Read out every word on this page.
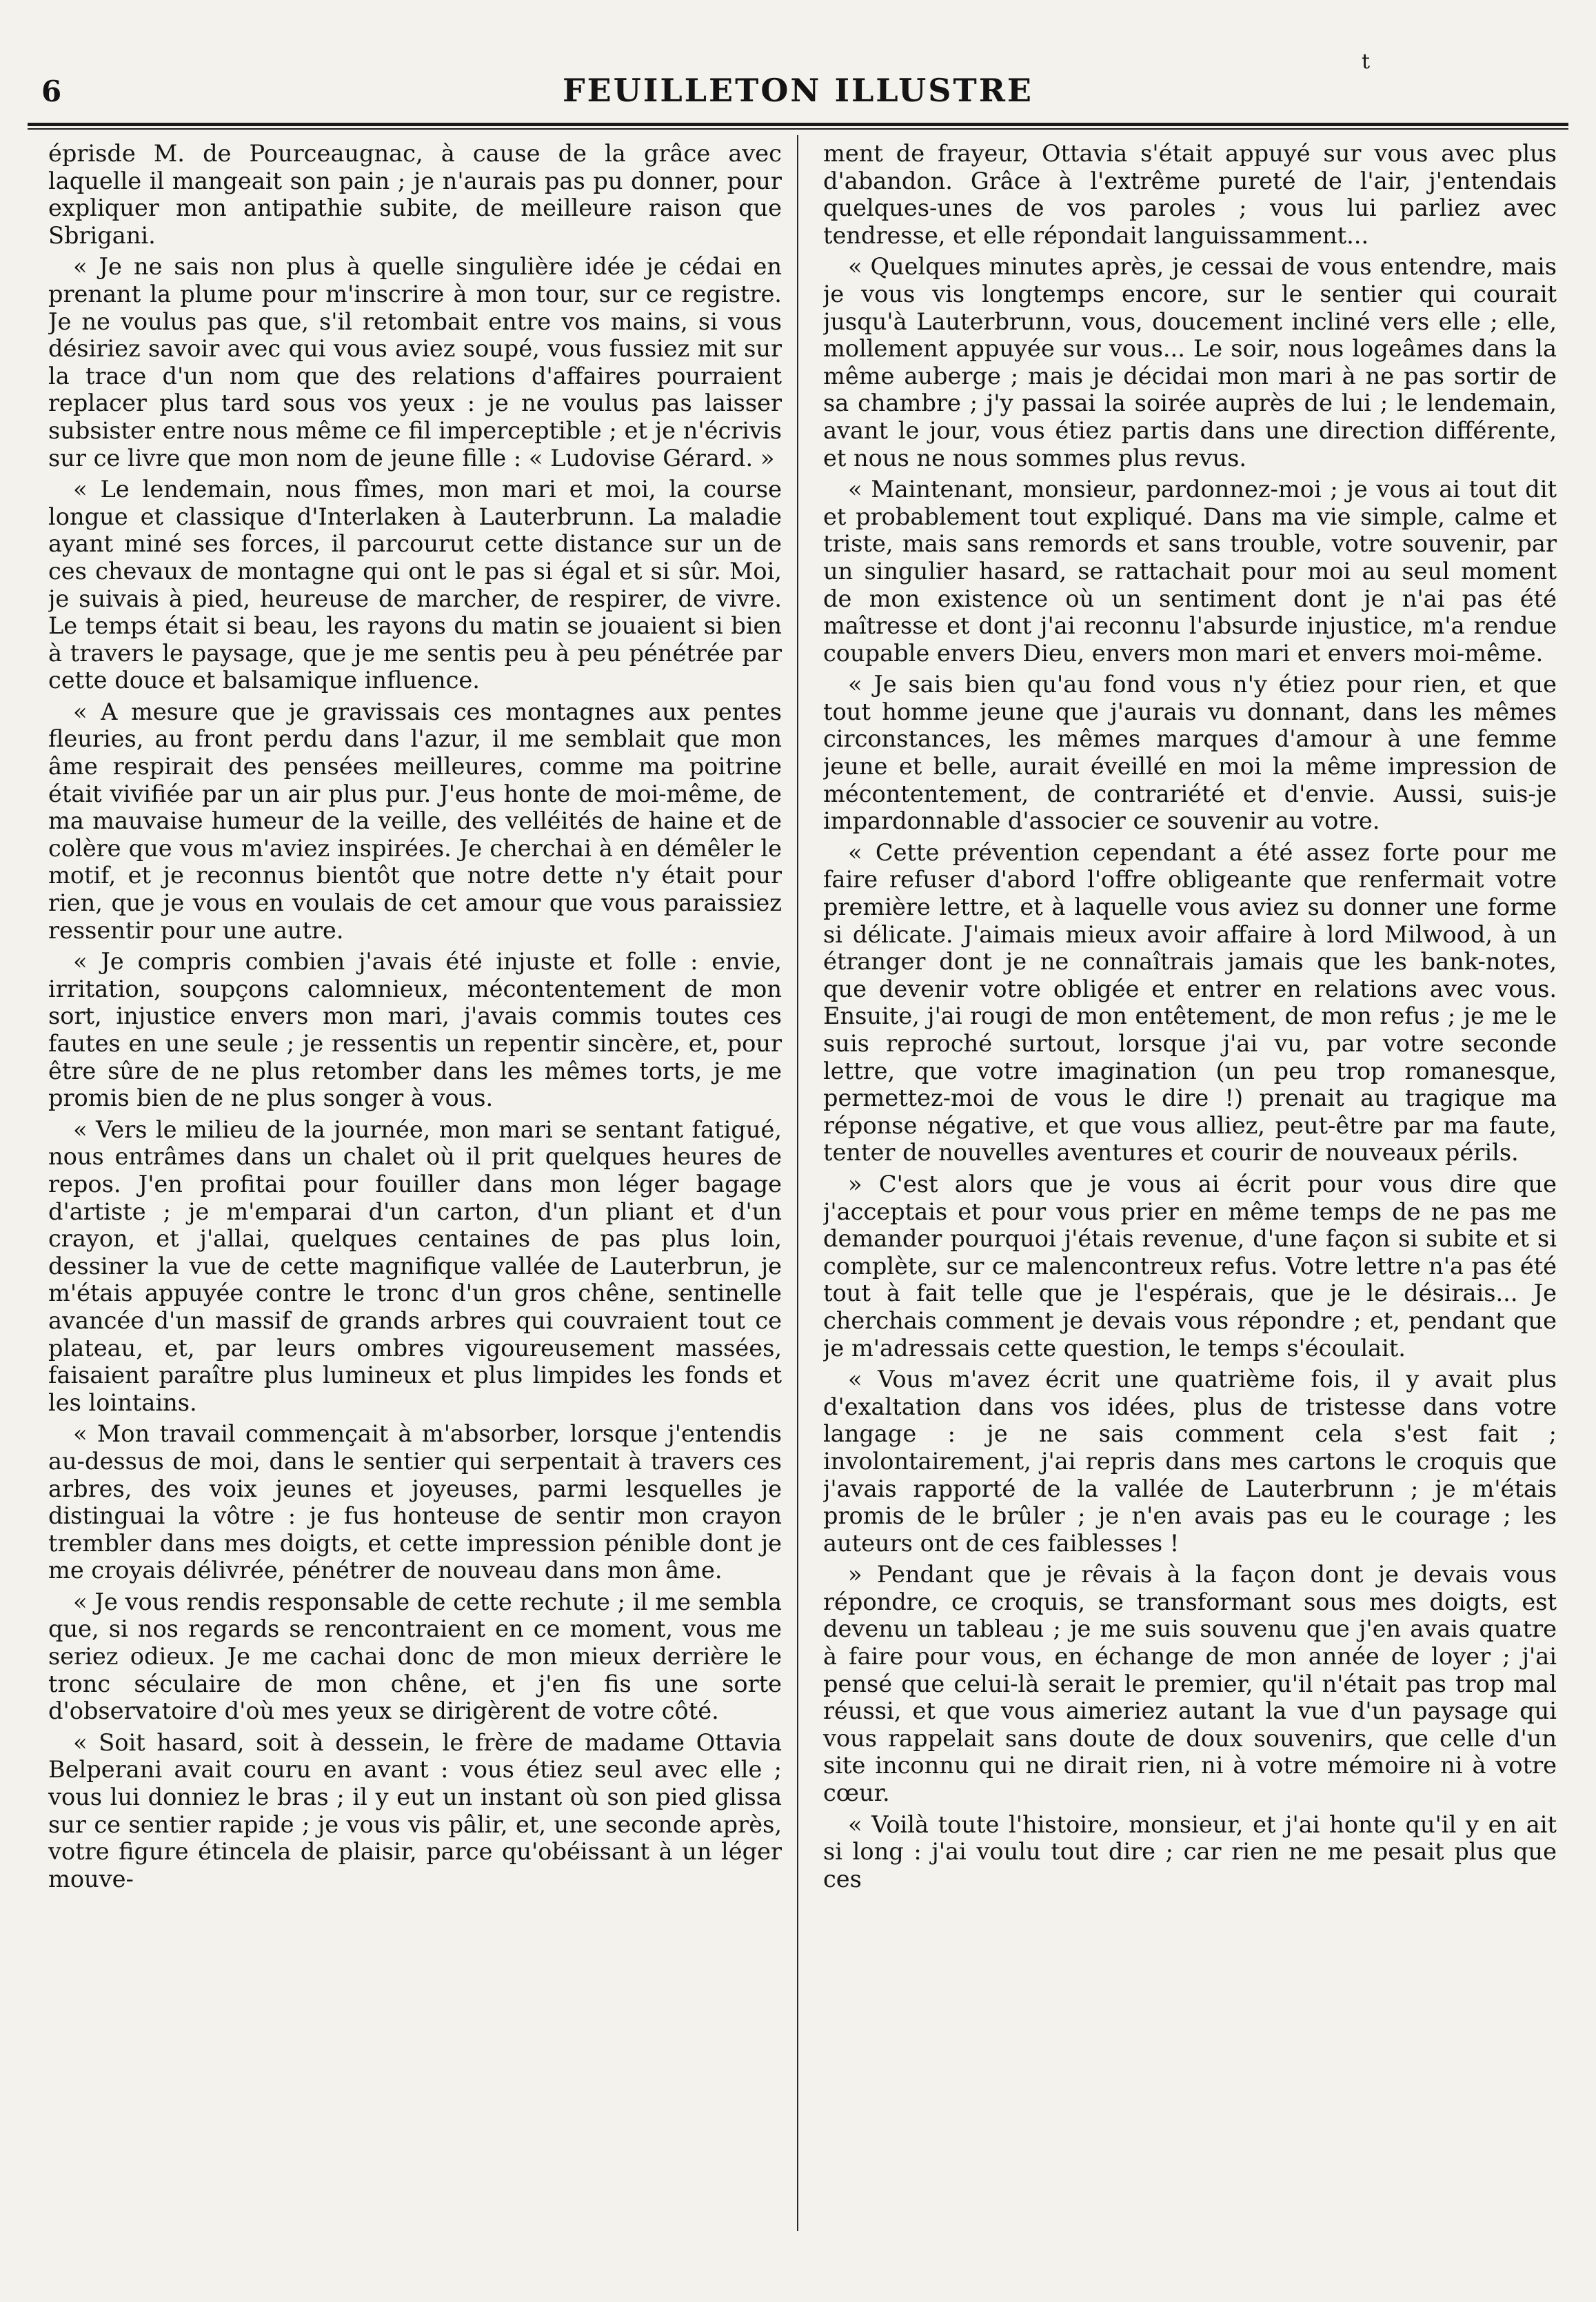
6	FEUILLETON ILLUSTRE
t

éprisde M. de Pourceaugnac, à cause de la grâce avec laquelle il mangeait son pain ; je n'aurais pas pu donner, pour expliquer mon antipathie subite, de meilleure raison que Sbrigani.

« Je ne sais non plus à quelle singulière idée je cédai en prenant la plume pour m'inscrire à mon tour, sur ce registre. Je ne voulus pas que, s'il retombait entre vos mains, si vous désiriez savoir avec qui vous aviez soupé, vous fussiez mit sur la trace d'un nom que des relations d'affaires pourraient replacer plus tard sous vos yeux : je ne voulus pas laisser subsister entre nous même ce fil imperceptible ; et je n'écrivis sur ce livre que mon nom de jeune fille : « Ludovise Gérard. »

« Le lendemain, nous fîmes, mon mari et moi, la course longue et classique d'Interlaken à Lauterbrunn. La maladie ayant miné ses forces, il parcourut cette distance sur un de ces chevaux de montagne qui ont le pas si égal et si sûr. Moi, je suivais à pied, heureuse de marcher, de respirer, de vivre. Le temps était si beau, les rayons du matin se jouaient si bien à travers le paysage, que je me sentis peu à peu pénétrée par cette douce et balsamique influence.

« A mesure que je gravissais ces montagnes aux pentes fleuries, au front perdu dans l'azur, il me semblait que mon âme respirait des pensées meilleures, comme ma poitrine était vivifiée par un air plus pur. J'eus honte de moi-même, de ma mauvaise humeur de la veille, des velléités de haine et de colère que vous m'aviez inspirées. Je cherchai à en démêler le motif, et je reconnus bientôt que notre dette n'y était pour rien, que je vous en voulais de cet amour que vous paraissiez ressentir pour une autre.

« Je compris combien j'avais été injuste et folle : envie, irritation, soupçons calomnieux, mécontentement de mon sort, injustice envers mon mari, j'avais commis toutes ces fautes en une seule ; je ressentis un repentir sincère, et, pour être sûre de ne plus retomber dans les mêmes torts, je me promis bien de ne plus songer à vous.

« Vers le milieu de la journée, mon mari se sentant fatigué, nous entrâmes dans un chalet où il prit quelques heures de repos. J'en profitai pour fouiller dans mon léger bagage d'artiste ; je m'emparai d'un carton, d'un pliant et d'un crayon, et j'allai, quelques centaines de pas plus loin, dessiner la vue de cette magnifique vallée de Lauterbrun, je m'étais appuyée contre le tronc d'un gros chêne, sentinelle avancée d'un massif de grands arbres qui couvraient tout ce plateau, et, par leurs ombres vigoureusement massées, faisaient paraître plus lumineux et plus limpides les fonds et les lointains.

« Mon travail commençait à m'absorber, lorsque j'entendis au-dessus de moi, dans le sentier qui serpentait à travers ces arbres, des voix jeunes et joyeuses, parmi lesquelles je distinguai la vôtre : je fus honteuse de sentir mon crayon trembler dans mes doigts, et cette impression pénible dont je me croyais délivrée, pénétrer de nouveau dans mon âme.

« Je vous rendis responsable de cette rechute ; il me sembla que, si nos regards se rencontraient en ce moment, vous me seriez odieux. Je me cachai donc de mon mieux derrière le tronc séculaire de mon chêne, et j'en fis une sorte d'observatoire d'où mes yeux se dirigèrent de votre côté.

« Soit hasard, soit à dessein, le frère de madame Ottavia Belperani avait couru en avant : vous étiez seul avec elle ; vous lui donniez le bras ; il y eut un instant où son pied glissa sur ce sentier rapide ; je vous vis pâlir, et, une seconde après, votre figure étincela de plaisir, parce qu'obéissant à un léger mouve-

ment de frayeur, Ottavia s'était appuyé sur vous avec plus d'abandon. Grâce à l'extrême pureté de l'air, j'entendais quelques-unes de vos paroles ; vous lui parliez avec tendresse, et elle répondait languissamment...

« Quelques minutes après, je cessai de vous entendre, mais je vous vis longtemps encore, sur le sentier qui courait jusqu'à Lauterbrunn, vous, doucement incliné vers elle ; elle, mollement appuyée sur vous... Le soir, nous logeâmes dans la même auberge ; mais je décidai mon mari à ne pas sortir de sa chambre ; j'y passai la soirée auprès de lui ; le lendemain, avant le jour, vous étiez partis dans une direction différente, et nous ne nous sommes plus revus.

« Maintenant, monsieur, pardonnez-moi ; je vous ai tout dit et probablement tout expliqué. Dans ma vie simple, calme et triste, mais sans remords et sans trouble, votre souvenir, par un singulier hasard, se rattachait pour moi au seul moment de mon existence où un sentiment dont je n'ai pas été maîtresse et dont j'ai reconnu l'absurde injustice, m'a rendue coupable envers Dieu, envers mon mari et envers moi-même.

« Je sais bien qu'au fond vous n'y étiez pour rien, et que tout homme jeune que j'aurais vu donnant, dans les mêmes circonstances, les mêmes marques d'amour à une femme jeune et belle, aurait éveillé en moi la même impression de mécontentement, de contrariété et d'envie. Aussi, suis-je impardonnable d'associer ce souvenir au votre.

« Cette prévention cependant a été assez forte pour me faire refuser d'abord l'offre obligeante que renfermait votre première lettre, et à laquelle vous aviez su donner une forme si délicate. J'aimais mieux avoir affaire à lord Milwood, à un étranger dont je ne connaîtrais jamais que les bank-notes, que devenir votre obligée et entrer en relations avec vous. Ensuite, j'ai rougi de mon entêtement, de mon refus ; je me le suis reproché surtout, lorsque j'ai vu, par votre seconde lettre, que votre imagination (un peu trop romanesque, permettez-moi de vous le dire !) prenait au tragique ma réponse négative, et que vous alliez, peut-être par ma faute, tenter de nouvelles aventures et courir de nouveaux périls.

» C'est alors que je vous ai écrit pour vous dire que j'acceptais et pour vous prier en même temps de ne pas me demander pourquoi j'étais revenue, d'une façon si subite et si complète, sur ce malencontreux refus. Votre lettre n'a pas été tout à fait telle que je l'espérais, que je le désirais... Je cherchais comment je devais vous répondre ; et, pendant que je m'adressais cette question, le temps s'écoulait.

« Vous m'avez écrit une quatrième fois, il y avait plus d'exaltation dans vos idées, plus de tristesse dans votre langage : je ne sais comment cela s'est fait ; involontairement, j'ai repris dans mes cartons le croquis que j'avais rapporté de la vallée de Lauterbrunn ; je m'étais promis de le brûler ; je n'en avais pas eu le courage ; les auteurs ont de ces faiblesses !

» Pendant que je rêvais à la façon dont je devais vous répondre, ce croquis, se transformant sous mes doigts, est devenu un tableau ; je me suis souvenu que j'en avais quatre à faire pour vous, en échange de mon année de loyer ; j'ai pensé que celui-là serait le premier, qu'il n'était pas trop mal réussi, et que vous aimeriez autant la vue d'un paysage qui vous rappelait sans doute de doux souvenirs, que celle d'un site inconnu qui ne dirait rien, ni à votre mémoire ni à votre cœur.

« Voilà toute l'histoire, monsieur, et j'ai honte qu'il y en ait si long : j'ai voulu tout dire ; car rien ne me pesait plus que ces
